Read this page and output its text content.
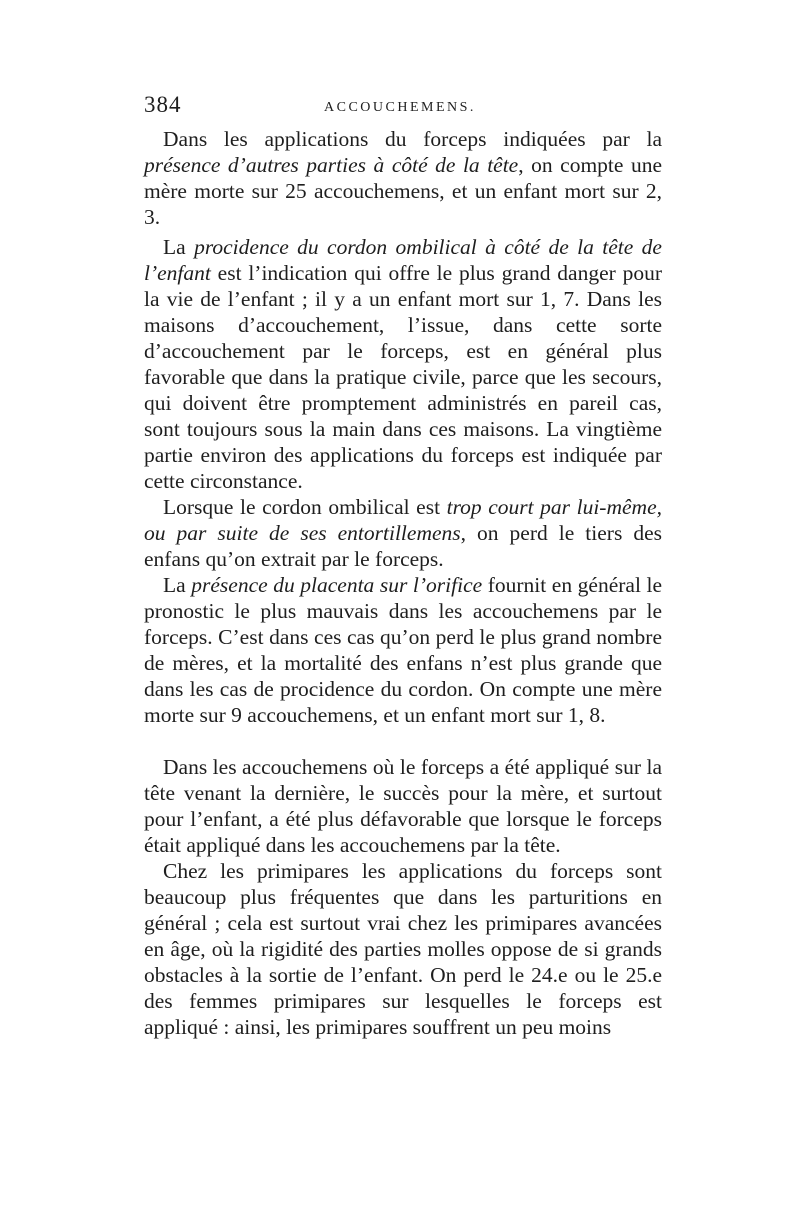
384	ACCOUCHEMENS.

Dans les applications du forceps indiquées par la présence d’autres parties à côté de la tête, on compte une mère morte sur 25 accouchemens, et un enfant mort sur 2, 3.

La procidence du cordon ombilical à côté de la tête de l’enfant est l’indication qui offre le plus grand danger pour la vie de l’enfant ; il y a un enfant mort sur 1, 7. Dans les maisons d’accouchement, l’issue, dans cette sorte d’accouchement par le forceps, est en général plus favorable que dans la pratique civile, parce que les secours, qui doivent être promptement administrés en pareil cas, sont toujours sous la main dans ces maisons. La vingtième partie environ des applications du forceps est indiquée par cette circonstance.

Lorsque le cordon ombilical est trop court par lui-même, ou par suite de ses entortillemens, on perd le tiers des enfans qu’on extrait par le forceps.

La présence du placenta sur l’orifice fournit en général le pronostic le plus mauvais dans les accouchemens par le forceps. C’est dans ces cas qu’on perd le plus grand nombre de mères, et la mortalité des enfans n’est plus grande que dans les cas de procidence du cordon. On compte une mère morte sur 9 accouchemens, et un enfant mort sur 1, 8.

Dans les accouchemens où le forceps a été appliqué sur la tête venant la dernière, le succès pour la mère, et surtout pour l’enfant, a été plus défavorable que lorsque le forceps était appliqué dans les accouchemens par la tête.

Chez les primipares les applications du forceps sont beaucoup plus fréquentes que dans les parturitions en général ; cela est surtout vrai chez les primipares avancées en âge, où la rigidité des parties molles oppose de si grands obstacles à la sortie de l’enfant. On perd le 24.e ou le 25.e des femmes primipares sur lesquelles le forceps est appliqué : ainsi, les primipares souffrent un peu moins
